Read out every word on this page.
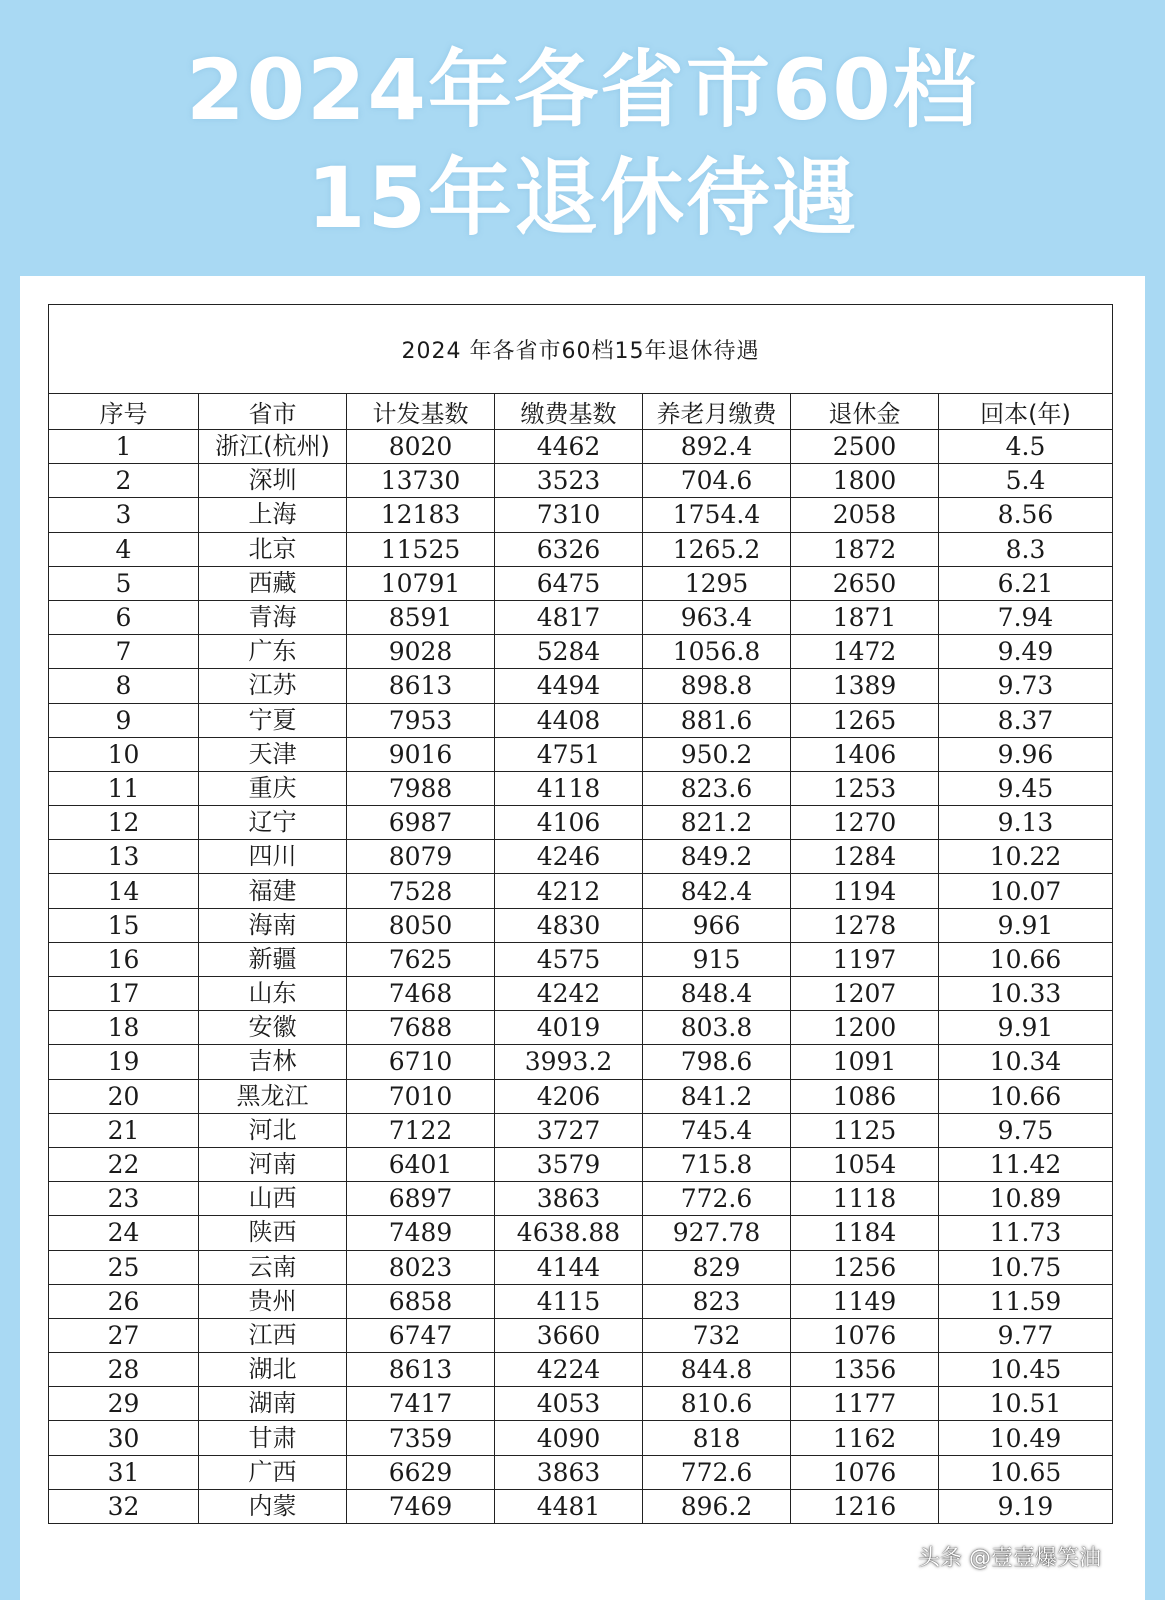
2024年各省市60档
15年退休待遇
2024 年各省市60档15年退休待遇						
序号	省市	计发基数	缴费基数	养老月缴费	退休金	回本(年)
1	浙江(杭州)	8020	4462	892.4	2500	4.5
2	深圳	13730	3523	704.6	1800	5.4
3	上海	12183	7310	1754.4	2058	8.56
4	北京	11525	6326	1265.2	1872	8.3
5	西藏	10791	6475	1295	2650	6.21
6	青海	8591	4817	963.4	1871	7.94
7	广东	9028	5284	1056.8	1472	9.49
8	江苏	8613	4494	898.8	1389	9.73
9	宁夏	7953	4408	881.6	1265	8.37
10	天津	9016	4751	950.2	1406	9.96
11	重庆	7988	4118	823.6	1253	9.45
12	辽宁	6987	4106	821.2	1270	9.13
13	四川	8079	4246	849.2	1284	10.22
14	福建	7528	4212	842.4	1194	10.07
15	海南	8050	4830	966	1278	9.91
16	新疆	7625	4575	915	1197	10.66
17	山东	7468	4242	848.4	1207	10.33
18	安徽	7688	4019	803.8	1200	9.91
19	吉林	6710	3993.2	798.6	1091	10.34
20	黑龙江	7010	4206	841.2	1086	10.66
21	河北	7122	3727	745.4	1125	9.75
22	河南	6401	3579	715.8	1054	11.42
23	山西	6897	3863	772.6	1118	10.89
24	陕西	7489	4638.88	927.78	1184	11.73
25	云南	8023	4144	829	1256	10.75
26	贵州	6858	4115	823	1149	11.59
27	江西	6747	3660	732	1076	9.77
28	湖北	8613	4224	844.8	1356	10.45
29	湖南	7417	4053	810.6	1177	10.51
30	甘肃	7359	4090	818	1162	10.49
31	广西	6629	3863	772.6	1076	10.65
32	内蒙	7469	4481	896.2	1216	9.19
头条 @壹壹爆笑油
